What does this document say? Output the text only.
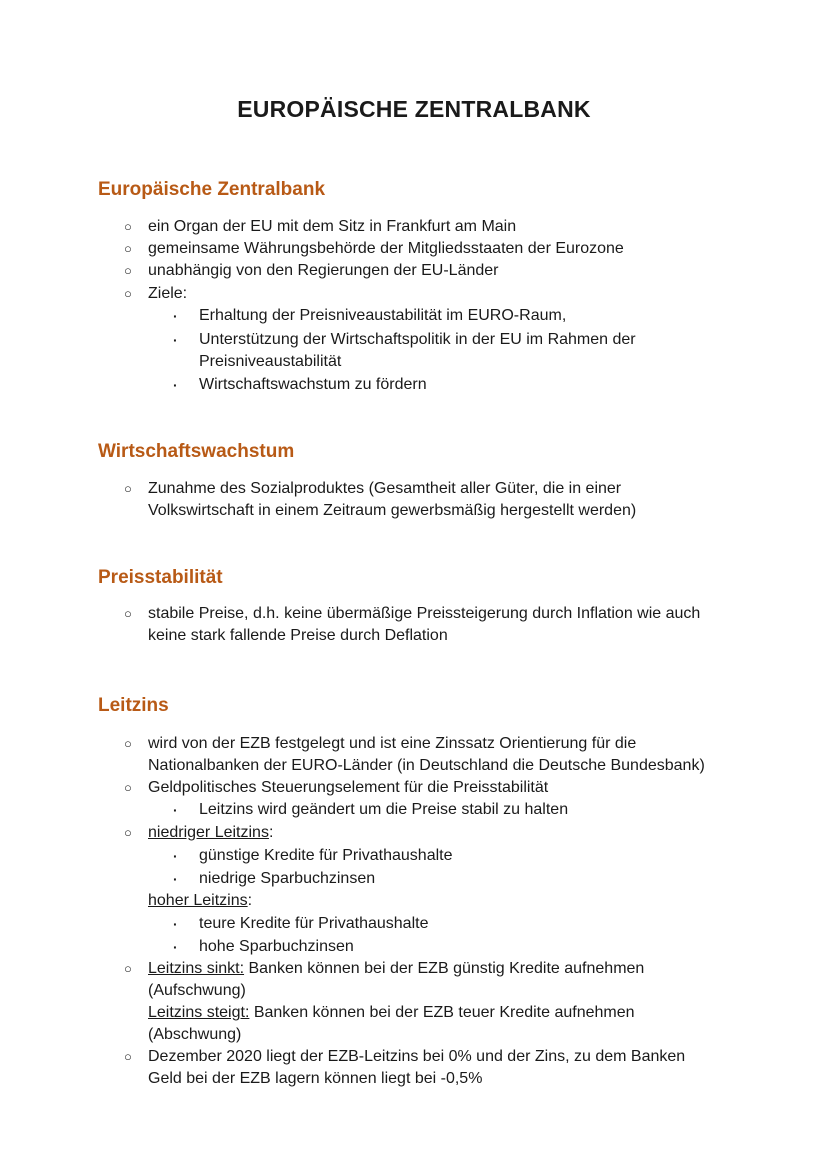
EUROPÄISCHE ZENTRALBANK
Europäische Zentralbank
○ ein Organ der EU mit dem Sitz in Frankfurt am Main
○ gemeinsame Währungsbehörde der Mitgliedsstaaten der Eurozone
○ unabhängig von den Regierungen der EU-Länder
○ Ziele:
· Erhaltung der Preisniveaustabilität im EURO-Raum,
· Unterstützung der Wirtschaftspolitik in der EU im Rahmen der
Preisniveaustabilität
· Wirtschaftswachstum zu fördern
Wirtschaftswachstum
○ Zunahme des Sozialproduktes (Gesamtheit aller Güter, die in einer
Volkswirtschaft in einem Zeitraum gewerbsmäßig hergestellt werden)
Preisstabilität
○ stabile Preise, d.h. keine übermäßige Preissteigerung durch Inflation wie auch
keine stark fallende Preise durch Deflation
Leitzins
○ wird von der EZB festgelegt und ist eine Zinssatz Orientierung für die
Nationalbanken der EURO-Länder (in Deutschland die Deutsche Bundesbank)
○ Geldpolitisches Steuerungselement für die Preisstabilität
· Leitzins wird geändert um die Preise stabil zu halten
○ niedriger Leitzins:
· günstige Kredite für Privathaushalte
· niedrige Sparbuchzinsen
hoher Leitzins:
· teure Kredite für Privathaushalte
· hohe Sparbuchzinsen
○ Leitzins sinkt: Banken können bei der EZB günstig Kredite aufnehmen
(Aufschwung)
Leitzins steigt: Banken können bei der EZB teuer Kredite aufnehmen
(Abschwung)
○ Dezember 2020 liegt der EZB-Leitzins bei 0% und der Zins, zu dem Banken
Geld bei der EZB lagern können liegt bei -0,5%
